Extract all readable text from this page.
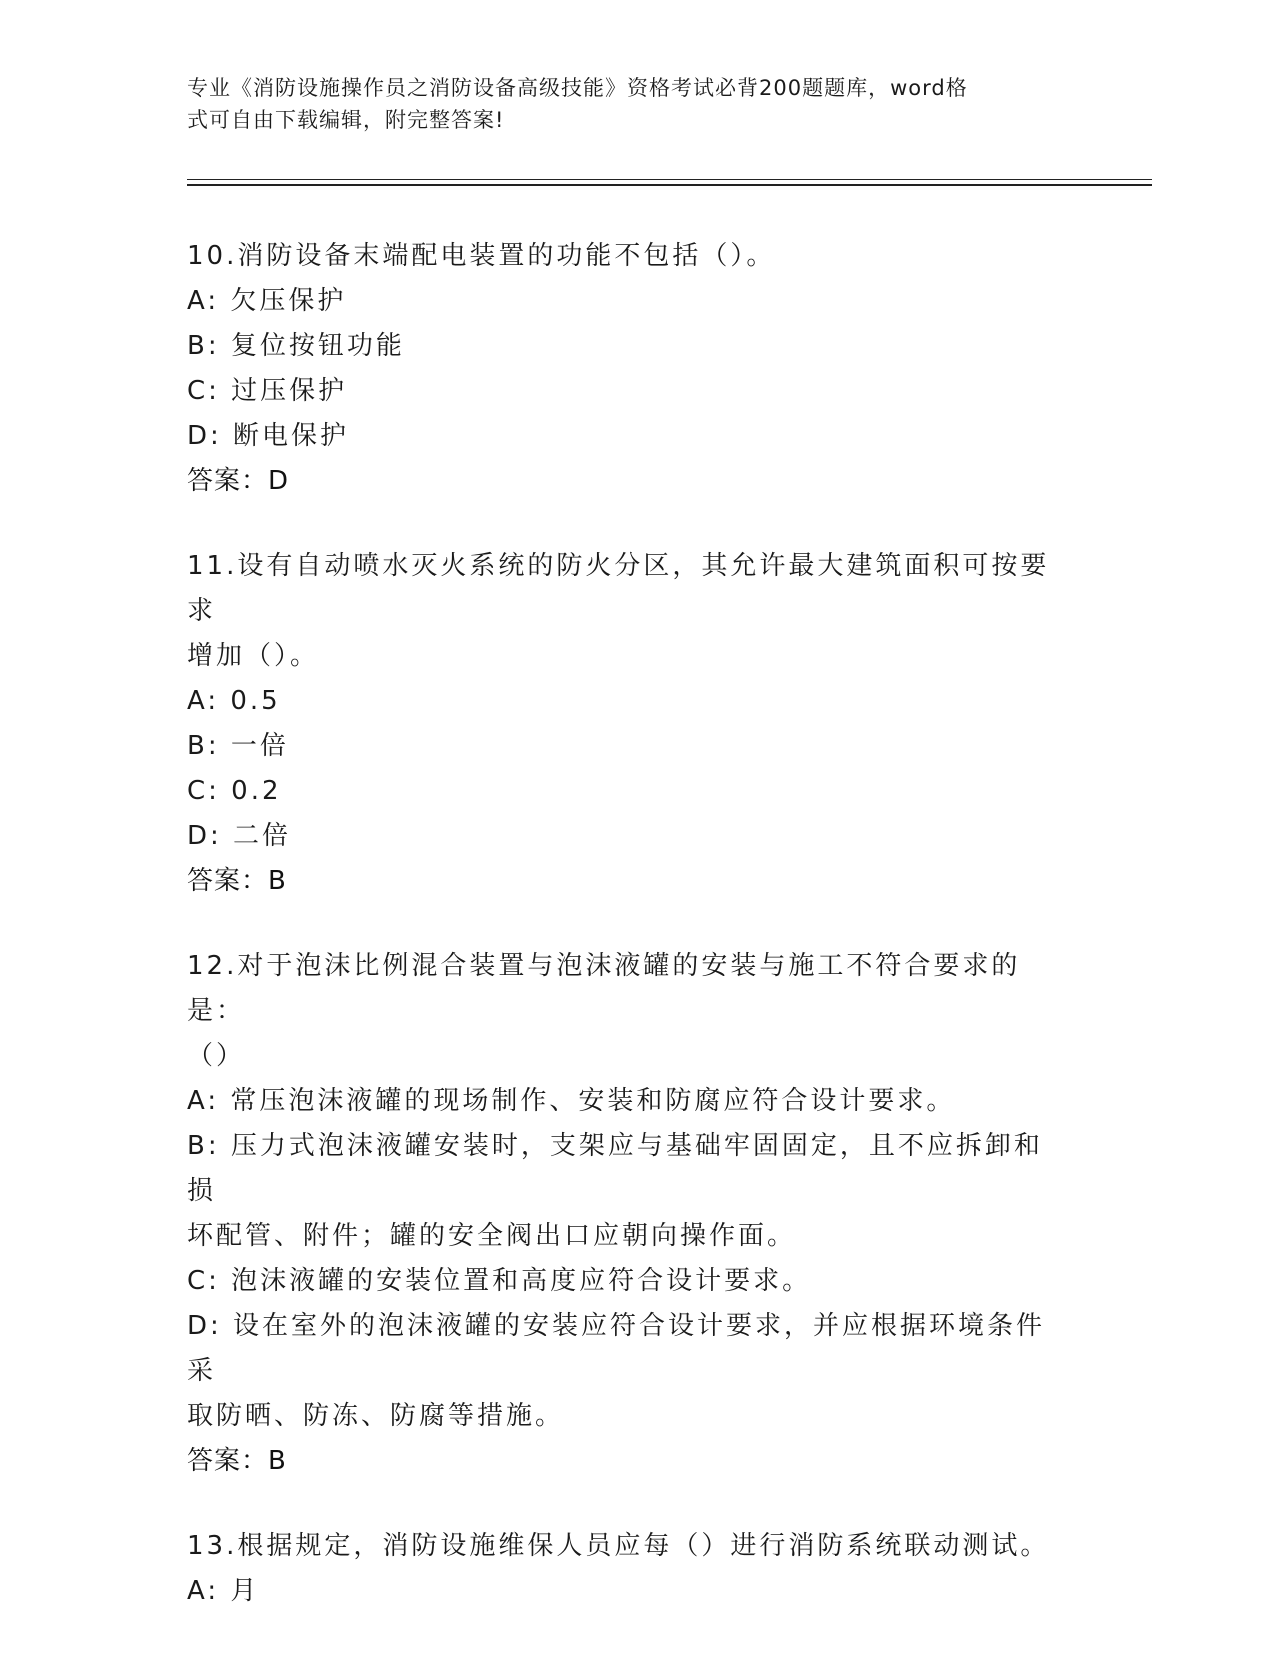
专业《消防设施操作员之消防设备高级技能》资格考试必背200题题库，word格
式可自由下载编辑，附完整答案!
10.消防设备末端配电装置的功能不包括（）。
A: 欠压保护
B: 复位按钮功能
C: 过压保护
D: 断电保护
答案：D
11.设有自动喷水灭火系统的防火分区，其允许最大建筑面积可按要求
增加（）。
A: 0.5
B: 一倍
C: 0.2
D: 二倍
答案：B
12.对于泡沫比例混合装置与泡沫液罐的安装与施工不符合要求的是：
（）
A: 常压泡沫液罐的现场制作、安装和防腐应符合设计要求。
B: 压力式泡沫液罐安装时，支架应与基础牢固固定，且不应拆卸和损
坏配管、附件；罐的安全阀出口应朝向操作面。
C: 泡沫液罐的安装位置和高度应符合设计要求。
D: 设在室外的泡沫液罐的安装应符合设计要求，并应根据环境条件采
取防晒、防冻、防腐等措施。
答案：B
13.根据规定，消防设施维保人员应每（）进行消防系统联动测试。
A: 月
